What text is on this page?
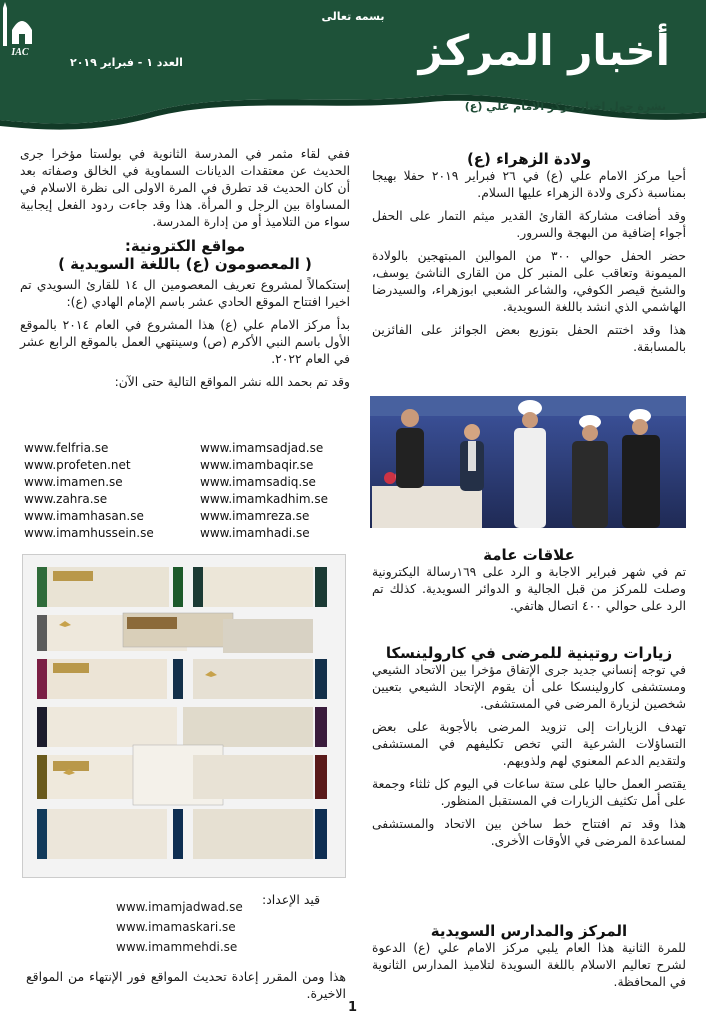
بسمه تعالى
IAC
العدد ١ - فبراير ٢٠١٩	أخبار المركز
نشرة حول اخبار مركز الامام علي (ع)
ولادة الزهراء (ع)

أحيا مركز الامام علي (ع) في ٢٦ فبراير ٢٠١٩ حفلا بهيجا بمناسبة ذكرى ولادة الزهراء عليها السلام.

وقد أضافت مشاركة القارئ القدير ميثم التمار على الحفل أجواء إضافية من البهجة والسرور.

حضر الحفل حوالي ٣٠٠ من الموالين المبتهجين بالولادة الميمونة وتعاقب على المنبر كل من القارى الناشئ يوسف، والشيخ قيصر الكوفي، والشاعر الشعبي ابوزهراء، والسيدرضا الهاشمي الذي انشد باللغة السويدية.

هذا وقد اختتم الحفل بتوزيع بعض الجوائز على الفائزين بالمسابقة.

علاقات عامة

تم في شهر فبراير الاجابة و الرد على ١٦٩رسالة اليكترونية وصلت للمركز من قبل الجالية و الدوائر السويدية. كذلك تم الرد على حوالي ٤٠٠ اتصال هاتفي.

زيارات روتينية للمرضى في كارولينسكا

في توجه إنساني جديد جرى الإتفاق مؤخرا بين الاتحاد الشيعي ومستشفى كارولينسكا على أن يقوم الإتحاد الشيعي بتعيين شخصين لزيارة المرضى في المستشفى.

تهدف الزيارات إلى تزويد المرضى بالأجوبة على بعض التساؤلات الشرعية التي تخص تكليفهم في المستشفى ولتقديم الدعم المعنوي لهم ولذويهم.

يقتصر العمل حاليا على ستة ساعات في اليوم كل ثلثاء وجمعة على أمل تكثيف الزيارات في المستقبل المنظور.

هذا وقد تم افتتاح خط ساخن بين الاتحاد والمستشفى لمساعدة المرضى في الأوقات الأخرى.

المركز والمدارس السويدية

للمرة الثانية هذا العام يلبي مركز الامام علي (ع) الدعوة لشرح تعاليم الاسلام باللغة السويدة لتلاميذ المدارس الثانوية في المحافظة.

ففي لقاء مثمر في المدرسة الثانوية في بولستا مؤخرا جرى الحديث عن معتقدات الديانات السماوية في الخالق وصفاته بعد أن كان الحديث قد تطرق في المرة الاولى الى نظرة الاسلام في المساواة بين الرجل و المرأة. هذا وقد جاءت ردود الفعل إيجابية سواء من التلاميذ أو من إدارة المدرسة.

مواقع الكترونية:
( المعصومون (ع) باللغة السويدية )

إستكمالاً لمشروع تعريف المعصومين ال ١٤ للقارئ السويدي تم اخيرا افتتاح الموقع الحادي عشر باسم الإمام الهادي (ع):

بدأ مركز الامام علي (ع) هذا المشروع في العام ٢٠١٤ بالموقع الأول باسم النبي الأكرم (ص) وسينتهي العمل بالموقع الرابع عشر في العام ٢٠٢٢.

وقد تم بحمد الله نشر المواقع التالية حتى الآن:

www.felfria.se
www.profeten.net
www.imamen.se
www.zahra.se
www.imamhasan.se
www.imamhussein.se
www.imamsadjad.se
www.imambaqir.se
www.imamsadiq.se
www.imamkadhim.se
www.imamreza.se
www.imamhadi.se
قيد الإعداد:
www.imamjadwad.se
www.imamaskari.se
www.imammehdi.se
هذا ومن المقرر إعادة تحديث المواقع فور الإنتهاء من المواقع الاخيرة.
1
